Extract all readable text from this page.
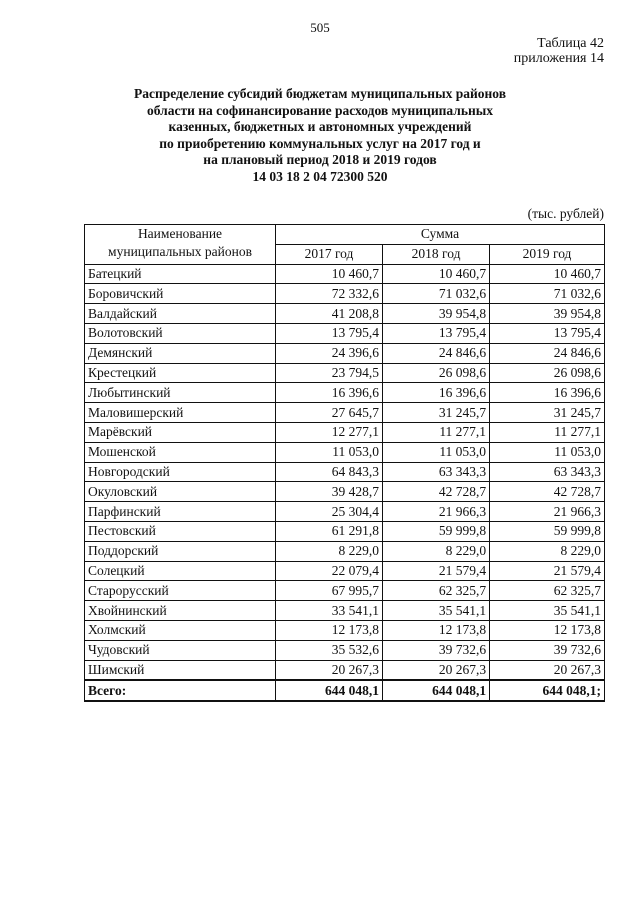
505
Таблица 42
приложения 14
Распределение субсидий бюджетам муниципальных районов
области на софинансирование расходов муниципальных
казенных, бюджетных и автономных учреждений
по приобретению коммунальных услуг на 2017 год и
на плановый период 2018 и 2019 годов
14 03 18 2 04 72300 520
(тыс. рублей)
Наименование
муниципальных районов	Сумма		
	2017 год	2018 год	2019 год
Батецкий	10 460,7	10 460,7	10 460,7
Боровичский	72 332,6	71 032,6	71 032,6
Валдайский	41 208,8	39 954,8	39 954,8
Волотовский	13 795,4	13 795,4	13 795,4
Демянский	24 396,6	24 846,6	24 846,6
Крестецкий	23 794,5	26 098,6	26 098,6
Любытинский	16 396,6	16 396,6	16 396,6
Маловишерский	27 645,7	31 245,7	31 245,7
Марёвский	12 277,1	11 277,1	11 277,1
Мошенской	11 053,0	11 053,0	11 053,0
Новгородский	64 843,3	63 343,3	63 343,3
Окуловский	39 428,7	42 728,7	42 728,7
Парфинский	25 304,4	21 966,3	21 966,3
Пестовский	61 291,8	59 999,8	59 999,8
Поддорский	8 229,0	8 229,0	8 229,0
Солецкий	22 079,4	21 579,4	21 579,4
Старорусский	67 995,7	62 325,7	62 325,7
Хвойнинский	33 541,1	35 541,1	35 541,1
Холмский	12 173,8	12 173,8	12 173,8
Чудовский	35 532,6	39 732,6	39 732,6
Шимский	20 267,3	20 267,3	20 267,3
Всего:	644 048,1	644 048,1	644 048,1;
